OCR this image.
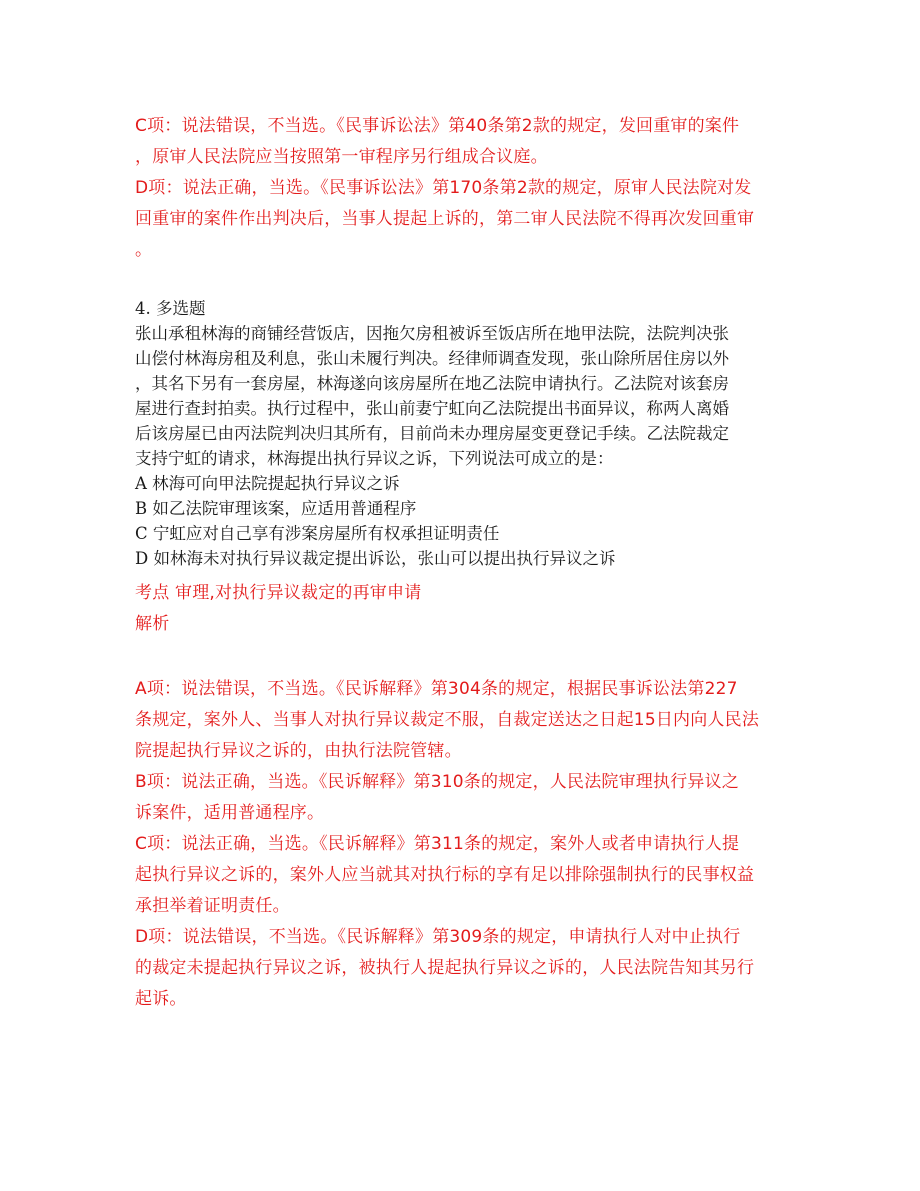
C项：说法错误，不当选。《民事诉讼法》第40条第2款的规定，发回重审的案件
，原审人民法院应当按照第一审程序另行组成合议庭。
D项：说法正确，当选。《民事诉讼法》第170条第2款的规定，原审人民法院对发
回重审的案件作出判决后，当事人提起上诉的，第二审人民法院不得再次发回重审
。
4. 多选题
张山承租林海的商铺经营饭店，因拖欠房租被诉至饭店所在地甲法院，法院判决张
山偿付林海房租及利息，张山未履行判决。经律师调查发现，张山除所居住房以外
，其名下另有一套房屋，林海遂向该房屋所在地乙法院申请执行。乙法院对该套房
屋进行查封拍卖。执行过程中，张山前妻宁虹向乙法院提出书面异议，称两人离婚
后该房屋已由丙法院判决归其所有，目前尚未办理房屋变更登记手续。乙法院裁定
支持宁虹的请求，林海提出执行异议之诉，下列说法可成立的是：
A 林海可向甲法院提起执行异议之诉
B 如乙法院审理该案，应适用普通程序
C 宁虹应对自己享有涉案房屋所有权承担证明责任
D 如林海未对执行异议裁定提出诉讼，张山可以提出执行异议之诉
考点 审理,对执行异议裁定的再审申请
解析
A项：说法错误，不当选。《民诉解释》第304条的规定，根据民事诉讼法第227
条规定，案外人、当事人对执行异议裁定不服，自裁定送达之日起15日内向人民法
院提起执行异议之诉的，由执行法院管辖。
B项：说法正确，当选。《民诉解释》第310条的规定，人民法院审理执行异议之
诉案件，适用普通程序。
C项：说法正确，当选。《民诉解释》第311条的规定，案外人或者申请执行人提
起执行异议之诉的，案外人应当就其对执行标的享有足以排除强制执行的民事权益
承担举着证明责任。
D项：说法错误，不当选。《民诉解释》第309条的规定，申请执行人对中止执行
的裁定未提起执行异议之诉，被执行人提起执行异议之诉的，人民法院告知其另行
起诉。
